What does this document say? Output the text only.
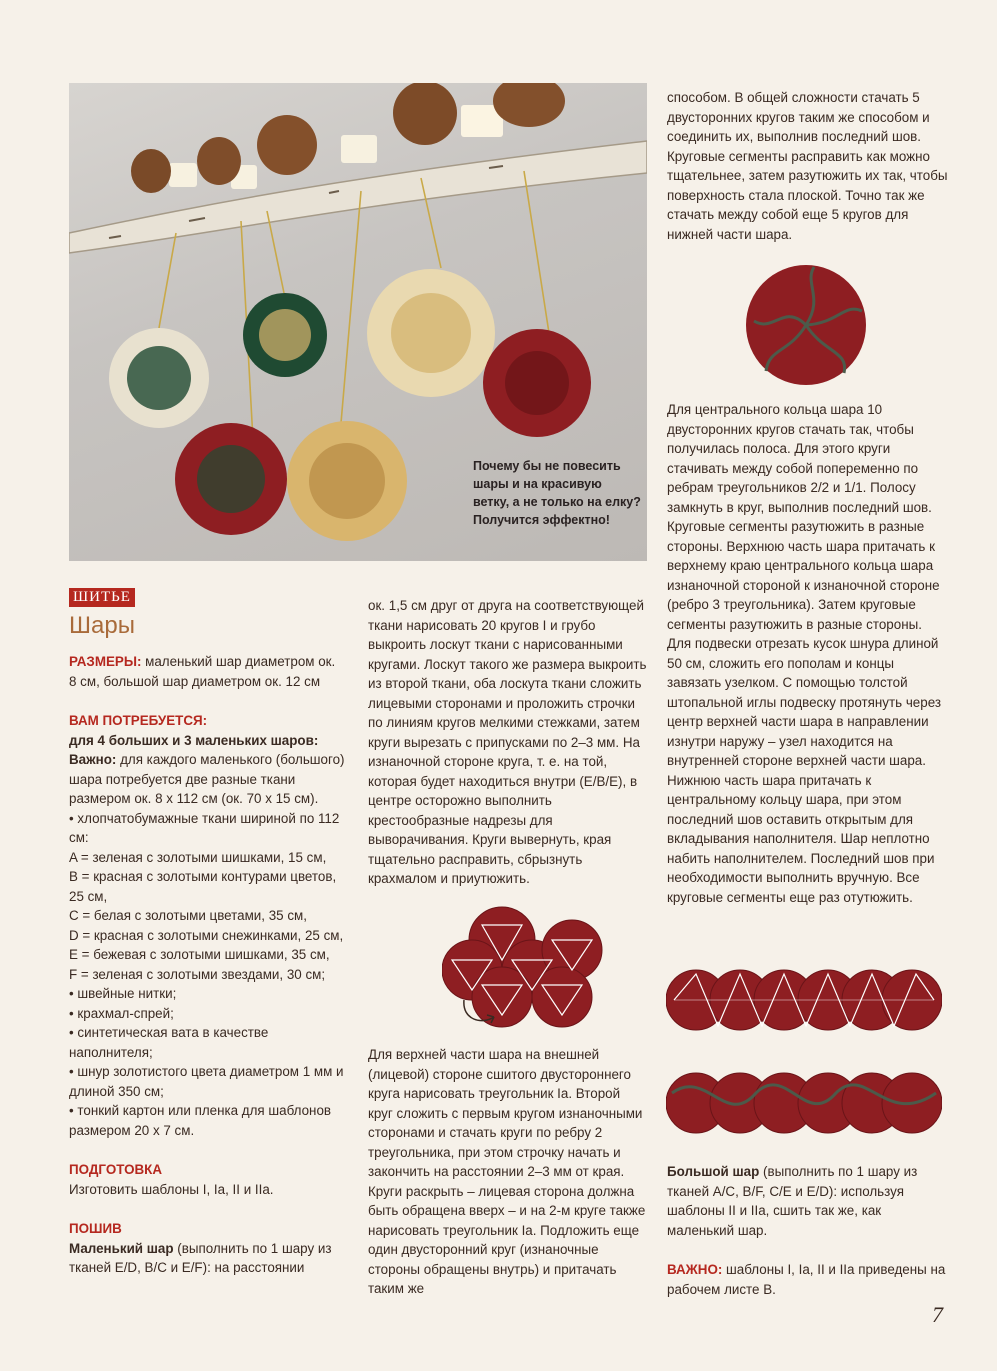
Почему бы не повесить шары и на красивую ветку, а не только на елку? Получится эффектно!
ШИТЬЕ
Шары

РАЗМЕРЫ: маленький шар диаметром ок. 8 см, большой шар диаметром ок. 12 см

ВАМ ПОТРЕБУЕТСЯ:

для 4 больших и 3 маленьких шаров:

Важно: для каждого маленького (большого) шара потребуется две разные ткани размером ок. 8 x 112 см (ок. 70 x 15 см).

• хлопчатобумажные ткани шириной по 112 см:

A = зеленая с золотыми шишками, 15 см,

B = красная с золотыми контурами цветов, 25 см,

C = белая с золотыми цветами, 35 см,

D = красная с золотыми снежинками, 25 см,

E = бежевая с золотыми шишками, 35 см,

F = зеленая с золотыми звездами, 30 см;

• швейные нитки;

• крахмал-спрей;

• синтетическая вата в качестве наполнителя;

• шнур золотистого цвета диаметром 1 мм и длиной 350 см;

• тонкий картон или пленка для шаблонов размером 20 x 7 см.

ПОДГОТОВКА

Изготовить шаблоны I, Ia, II и IIa.

ПОШИВ

Маленький шар (выполнить по 1 шару из тканей E/D, B/C и E/F): на расстоянии

ок. 1,5 см друг от друга на соответствующей ткани нарисовать 20 кругов I и грубо выкроить лоскут ткани с нарисованными кругами. Лоскут такого же размера выкроить из второй ткани, оба лоскута ткани сложить лицевыми сторонами и проложить строчки по линиям кругов мелкими стежками, затем круги вырезать с припусками по 2–3 мм. На изнаночной стороне круга, т. е. на той, которая будет находиться внутри (E/B/E), в центре осторожно выполнить крестообразные надрезы для выворачивания. Круги вывернуть, края тщательно расправить, сбрызнуть крахмалом и приутюжить.

Для верхней части шара на внешней (лицевой) стороне сшитого двустороннего круга нарисовать треугольник Ia. Второй круг сложить с первым кругом изнаночными сторонами и стачать круги по ребру 2 треугольника, при этом строчку начать и закончить на расстоянии 2–3 мм от края. Круги раскрыть – лицевая сторона должна быть обращена вверх – и на 2-м круге также нарисовать треугольник Ia. Подложить еще один двусторонний круг (изнаночные стороны обращены внутрь) и притачать таким же

способом. В общей сложности стачать 5 двусторонних кругов таким же способом и соединить их, выполнив последний шов. Круговые сегменты расправить как можно тщательнее, затем разутюжить их так, чтобы поверхность стала плоской. Точно так же стачать между собой еще 5 кругов для нижней части шара.

Для центрального кольца шара 10 двусторонних кругов стачать так, чтобы получилась полоса. Для этого круги стачивать между собой попеременно по ребрам треугольников 2/2 и 1/1. Полосу замкнуть в круг, выполнив последний шов. Круговые сегменты разутюжить в разные стороны. Верхнюю часть шара притачать к верхнему краю центрального кольца шара изнаночной стороной к изнаночной стороне (ребро 3 треугольника). Затем круговые сегменты разутюжить в разные стороны. Для подвески отрезать кусок шнура длиной 50 см, сложить его пополам и концы завязать узелком. С помощью толстой штопальной иглы подвеску протянуть через центр верхней части шара в направлении изнутри наружу – узел находится на внутренней стороне верхней части шара. Нижнюю часть шара притачать к центральному кольцу шара, при этом последний шов оставить открытым для вкладывания наполнителя. Шар неплотно набить наполнителем. Последний шов при необходимости выполнить вручную. Все круговые сегменты еще раз отутюжить.

Большой шар (выполнить по 1 шару из тканей A/C, B/F, C/E и E/D): используя шаблоны II и IIa, сшить так же, как маленький шар.

ВАЖНО: шаблоны I, Ia, II и IIa приведены на рабочем листе B.

7
